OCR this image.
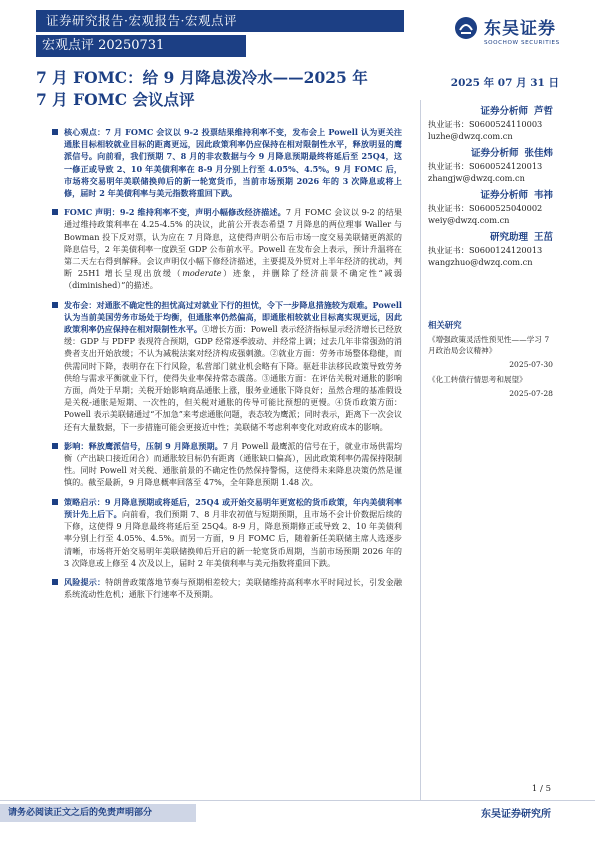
证券研究报告·宏观报告·宏观点评
宏观点评 20250731
东吴证券
SOOCHOW SECURITIES
7 月 FOMC：给 9 月降息泼冷水——2025 年
7 月 FOMC 会议点评
2025 年 07 月 31 日
核心观点：7 月 FOMC 会议以 9-2 投票结果维持利率不变，发布会上 Powell 认为更关注通胀目标相较就业目标的距离更远，因此政策利率仍应保持在相对限制性水平，释放明显的鹰派信号。向前看，我们预期 7、8 月的非农数据与今 9 月降息预期最终将延后至 25Q4，这一修正或导致 2、10 年美债利率在 8-9 月分别上行至 4.05%、4.5%。9 月 FOMC 后，市场将交易明年美联储换帅后的新一轮宽货币，当前市场预期 2026 年的 3 次降息或将上修，届时 2 年美债利率与美元指数将重回下跌。
FOMC 声明：9-2 维持利率不变，声明小幅修改经济描述。7 月 FOMC 会议以 9-2 的结果通过维持政策利率在 4.25-4.5% 的决议，此前公开表态希望 7 月降息的两位理事 Waller 与 Bowman 投下反对票，认为应在 7 月降息，这使得声明公布后市场一度交易美联储更鸽派的降息信号，2 年美债利率一度跌至 GDP 公布前水平。Powell 在发布会上表示，预计升温将在第二天左右得到解释。会议声明仅小幅下修经济描述，主要提及外贸对上半年经济的扰动，判断 25H1 增长呈现出放缓（moderate）迹象，并删除了经济前景不确定性“减弱（diminished）”的描述。
发布会：对通胀不确定性的担忧高过对就业下行的担忧，令下一步降息措施较为艰难。Powell 认为当前美国劳务市场处于均衡，但通胀率仍然偏高，即通胀相较就业目标离实现更远，因此政策利率仍应保持在相对限制性水平。①增长方面：Powell 表示经济指标显示经济增长已经放缓：GDP 与 PDFP 表现符合预期，GDP 经常逐季波动、并经常上调；过去几年非常强劲的消费者支出开始放缓；不认为减税法案对经济构成强刺激。②就业方面：劳务市场整体稳健，而供需同时下降，表明存在下行风险，私营部门就业机会略有下降。驱赶非法移民政策导致劳务供给与需求平衡就业下行，使得失业率保持常态震荡。③通胀方面：在评估关税对通胀的影响方面，尚处于早期；关税开始影响商品通胀上涨，服务业通胀下降良好；虽然合理的基准假设是关税-通胀是短期、一次性的，但关税对通胀的传导可能比预想的更慢。④货币政策方面：Powell 表示美联储通过“不加急”来考虑通胀问题，表态较为鹰派；同时表示，距离下一次会议还有大量数据，下一步措施可能会更接近中性；美联储不考虑利率变化对政府成本的影响。
影响：释放鹰派信号，压制 9 月降息预期。7 月 Powell 最鹰派的信号在于，就业市场供需均衡（产出缺口接近闭合）而通胀较目标仍有距离（通胀缺口偏高），因此政策利率仍需保持限制性。同时 Powell 对关税、通胀前景的不确定性仍然保持警惕，这使得未来降息决策仍然是谨慎的。截至最新，9 月降息概率回落至 47%，全年降息预期 1.48 次。
策略启示：9 月降息预期或将延后，25Q4 或开始交易明年更宽松的货币政策，年内美债利率预计先上后下。向前看，我们预期 7、8 月非农初值与短期预期，且市场不会计价数据后续的下修，这使得 9 月降息最终将延后至 25Q4。8-9 月，降息预期修正或导致 2、10 年美债利率分别上行至 4.05%、4.5%。而另一方面，9 月 FOMC 后，随着新任美联储主席人选逐步清晰，市场将开始交易明年美联储换帅后开启的新一轮宽货币周期，当前市场预期 2026 年的 3 次降息或上修至 4 次及以上，届时 2 年美债利率与美元指数将重回下跌。
风险提示：特朗普政策落地节奏与预期相差较大；美联储维持高利率水平时间过长，引发金融系统流动性危机；通胀下行速率不及预期。
证券分析师 芦哲
执业证书：S0600524110003
luzhe@dwzq.com.cn
证券分析师 张佳炜
执业证书：S0600524120013
zhangjw@dwzq.com.cn
证券分析师 韦祎
执业证书：S0600525040002
weiy@dwzq.com.cn
研究助理 王茁
执业证书：S0600124120013
wangzhuo@dwzq.com.cn
相关研究
《增强政策灵活性预见性——学习 7 月政治局会议精神》
2025-07-30
《化工转债行情思考和展望》
2025-07-28
1 / 5
请务必阅读正文之后的免责声明部分	东吴证券研究所
